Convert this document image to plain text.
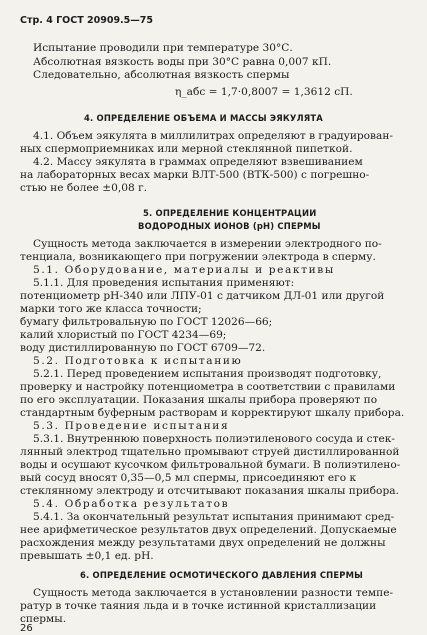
Стр. 4 ГОСТ 20909.5—75
Испытание проводили при температуре 30°С.
Абсолютная вязкость воды при 30°С равна 0,007 кП.
Следовательно, абсолютная вязкость спермы
η_абс = 1,7·0,8007 = 1,3612 сП.
4. ОПРЕДЕЛЕНИЕ ОБЪЕМА И МАССЫ ЭЯКУЛЯТА
4.1. Объем эякулята в миллилитрах определяют в градуирован-
ных спермоприемниках или мерной стеклянной пипеткой.
4.2. Массу эякулята в граммах определяют взвешиванием
на лабораторных весах марки ВЛТ-500 (ВТК-500) с погрешно-
стью не более ±0,08 г.
5. ОПРЕДЕЛЕНИЕ КОНЦЕНТРАЦИИ
ВОДОРОДНЫХ ИОНОВ (рН) СПЕРМЫ
Сущность метода заключается в измерении электродного по-
тенциала, возникающего при погружении электрода в сперму.
5.1. Оборудование, материалы и реактивы
5.1.1. Для проведения испытания применяют:
потенциометр рН-340 или ЛПУ-01 с датчиком ДЛ-01 или другой
марки того же класса точности;
бумагу фильтровальную по ГОСТ 12026—66;
калий хлористый по ГОСТ 4234—69;
воду дистиллированную по ГОСТ 6709—72.
5.2. Подготовка к испытанию
5.2.1. Перед проведением испытания производят подготовку,
проверку и настройку потенциометра в соответствии с правилами
по его эксплуатации. Показания шкалы прибора проверяют по
стандартным буферным растворам и корректируют шкалу прибора.
5.3. Проведение испытания
5.3.1. Внутреннюю поверхность полиэтиленового сосуда и стек-
лянный электрод тщательно промывают струей дистиллированной
воды и осушают кусочком фильтровальной бумаги. В полиэтилено-
вый сосуд вносят 0,35—0,5 мл спермы, присоединяют его к
стеклянному электроду и отсчитывают показания шкалы прибора.
5.4. Обработка результатов
5.4.1. За окончательный результат испытания принимают сред-
нее арифметическое результатов двух определений. Допускаемые
расхождения между результатами двух определений не должны
превышать ±0,1 ед. рН.
6. ОПРЕДЕЛЕНИЕ ОСМОТИЧЕСКОГО ДАВЛЕНИЯ СПЕРМЫ
Сущность метода заключается в установлении разности темпе-
ратур в точке таяния льда и в точке истинной кристаллизации
спермы.
26
